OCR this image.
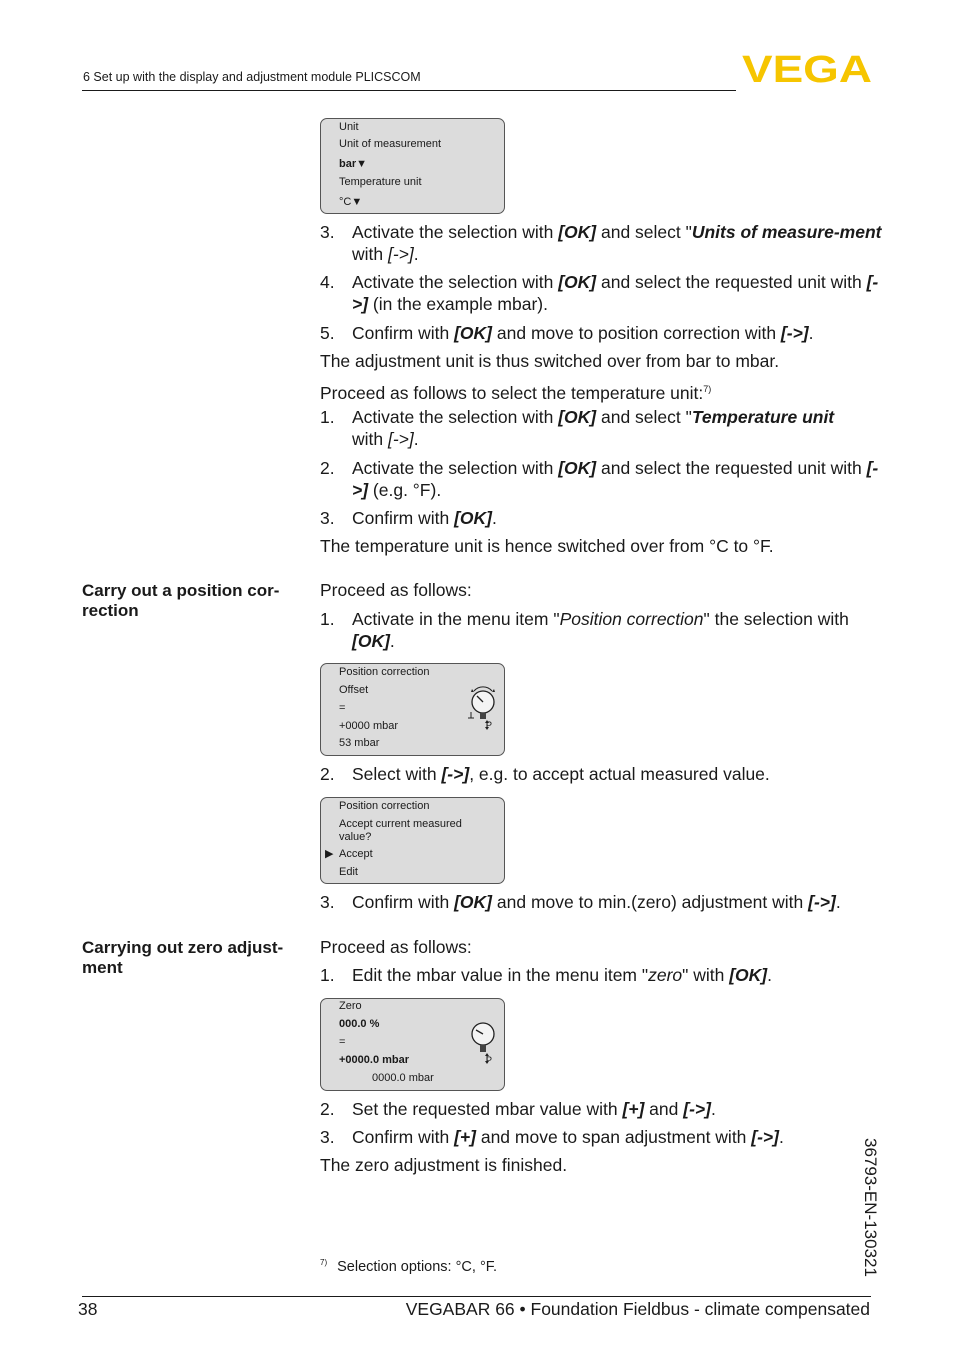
6 Set up with the display and adjustment module PLICSCOM	VEGA
Unit
Unit of measurement
bar▼
Temperature unit
°C▼
3. Activate the selection with [OK] and select "Units of measure-ment with [->].
4. Activate the selection with [OK] and select the requested unit with [->] (in the example mbar).
5. Confirm with [OK] and move to position correction with [->].
The adjustment unit is thus switched over from bar to mbar.
Proceed as follows to select the temperature unit:$^{7)}$
1. Activate the selection with [OK] and select "Temperature unit
with [->].
2. Activate the selection with [OK] and select the requested unit with [->] (e.g. °F).
3. Confirm with [OK].
The temperature unit is hence switched over from °C to °F.
Carry out a position cor-rection
Proceed as follows:
1. Activate in the menu item "Position correction" the selection with [OK].
Position correction
Offset
=
+0000 mbar
53 mbar
P
2. Select with [->], e.g. to accept actual measured value.
Position correction
Accept current measured
value?
▶ Accept
Edit
3. Confirm with [OK] and move to min.(zero) adjustment with [->].
Carrying out zero adjust-ment
Proceed as follows:
1. Edit the mbar value in the menu item "zero" with [OK].
Zero
000.0 %
=
+0000.0 mbar
0000.0 mbar
P
2. Set the requested mbar value with [+] and [->].
3. Confirm with [+] and move to span adjustment with [->].
The zero adjustment is finished.	36793-EN-130321
$^{7)}$ Selection options: °C, °F.
38	VEGABAR 66 • Foundation Fieldbus - climate compensated
